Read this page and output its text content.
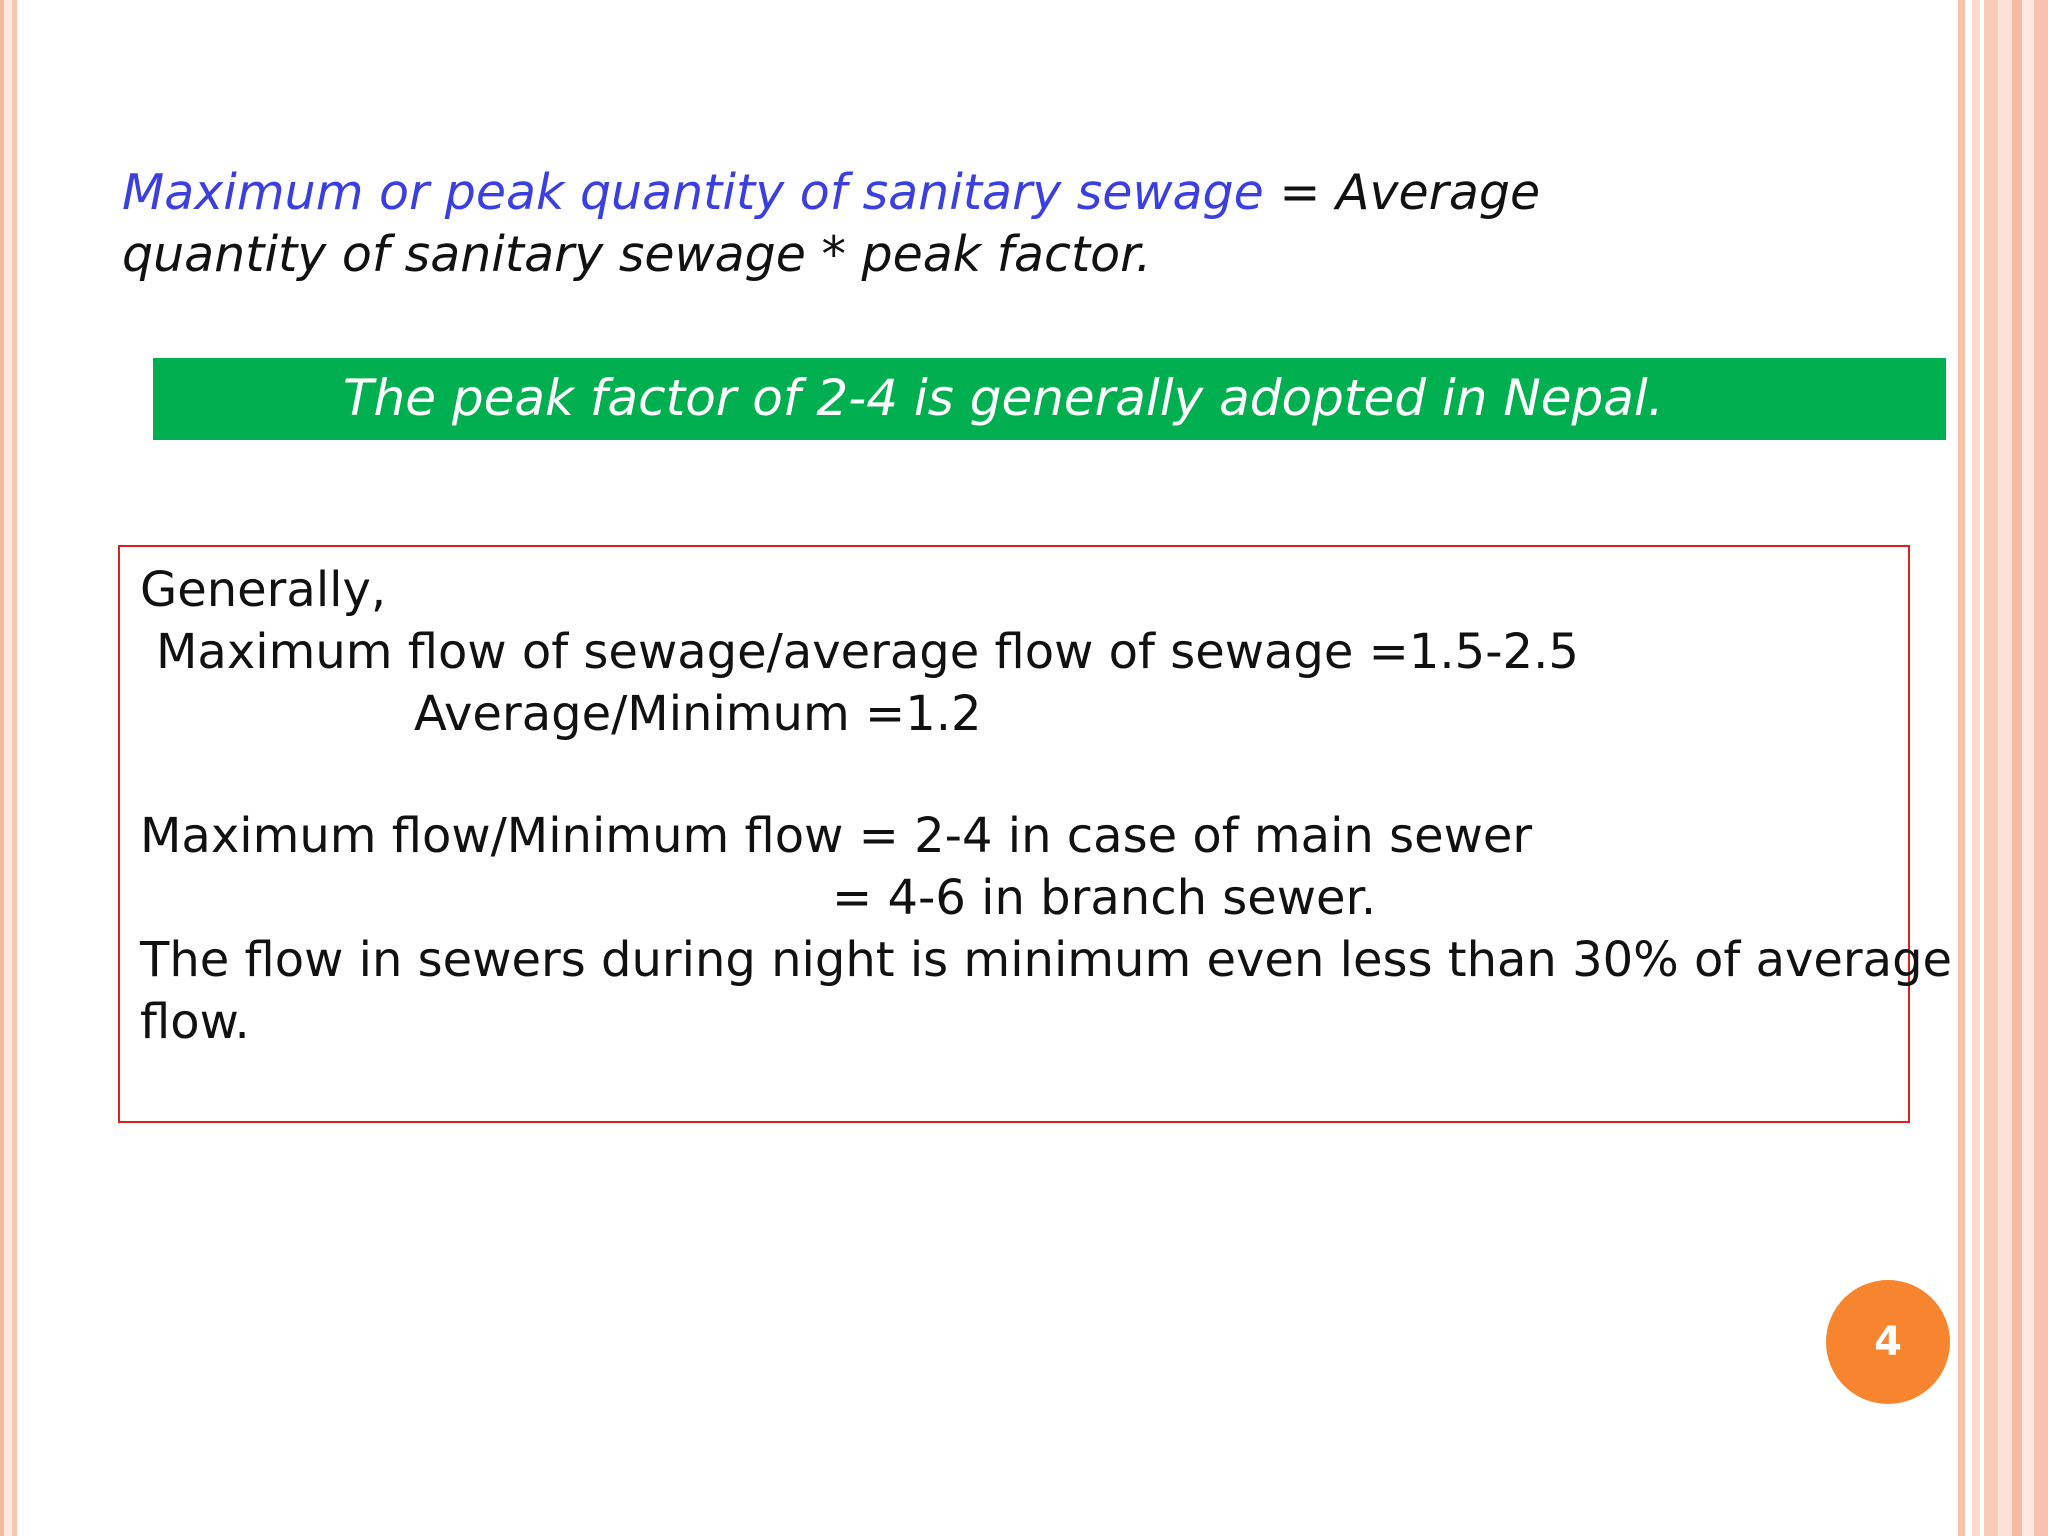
Maximum or peak quantity of sanitary sewage = Average quantity of sanitary sewage * peak factor.
The peak factor of 2-4 is generally adopted in Nepal.
Generally,
Maximum flow of sewage/average flow of sewage =1.5-2.5
Average/Minimum =1.2
Maximum flow/Minimum flow = 2-4 in case of main sewer
= 4-6 in branch sewer.
The flow in sewers during night is minimum even less than 30% of average
flow.
4
